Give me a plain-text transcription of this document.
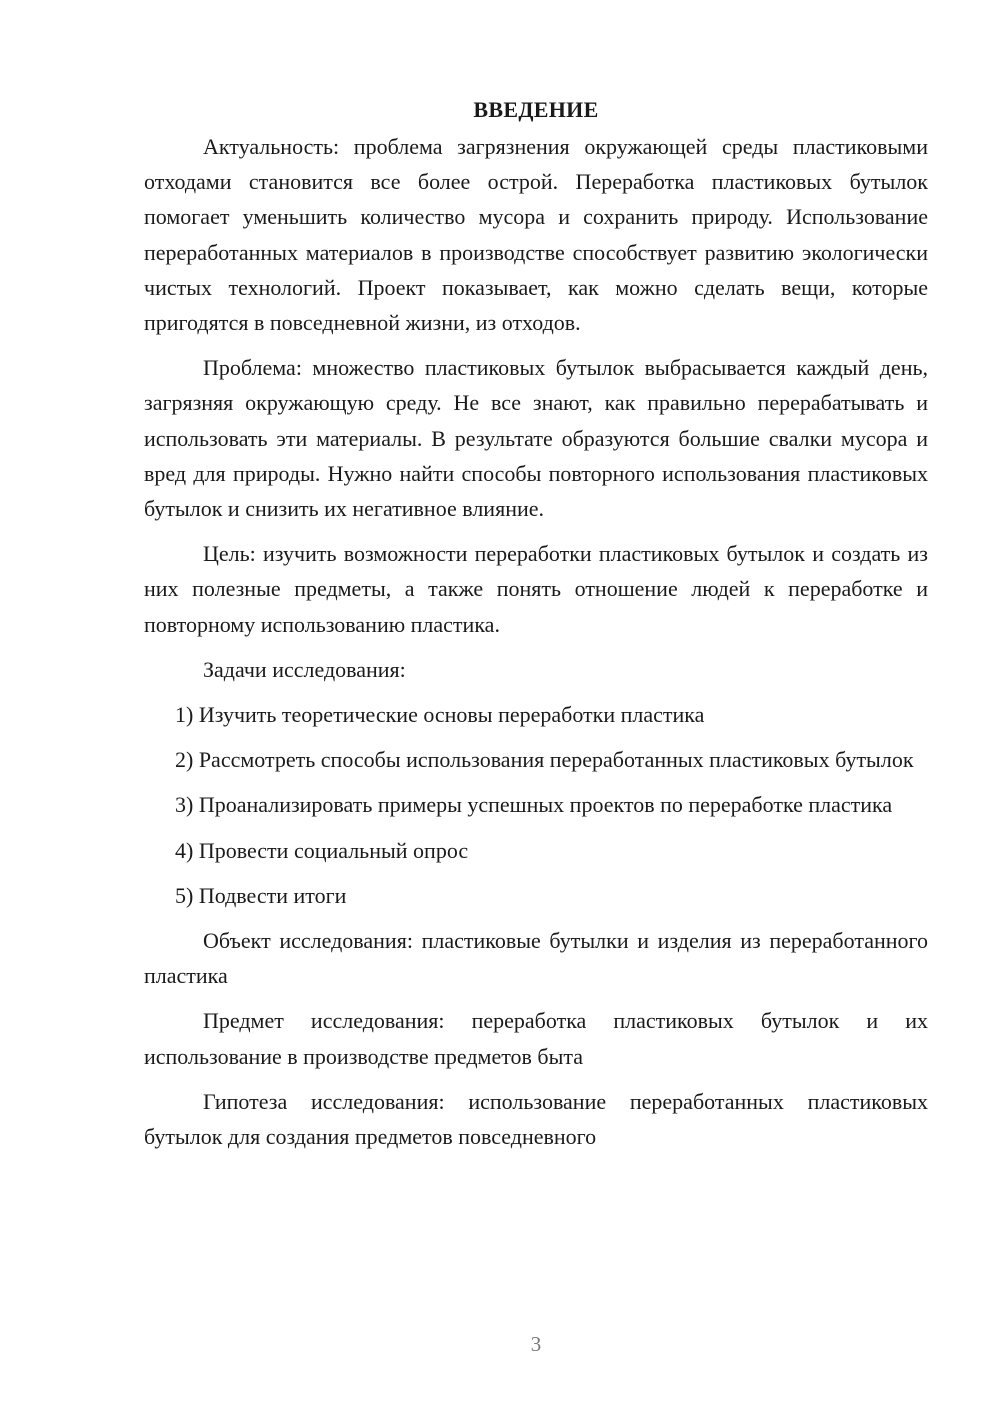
ВВЕДЕНИЕ

Актуальность: проблема загрязнения окружающей среды пластиковыми отходами становится все более острой. Переработка пластиковых бутылок помогает уменьшить количество мусора и сохранить природу. Использование переработанных материалов в производстве способствует развитию экологически чистых технологий. Проект показывает, как можно сделать вещи, которые пригодятся в повседневной жизни, из отходов.

Проблема: множество пластиковых бутылок выбрасывается каждый день, загрязняя окружающую среду. Не все знают, как правильно перерабатывать и использовать эти материалы. В результате образуются большие свалки мусора и вред для природы. Нужно найти способы повторного использования пластиковых бутылок и снизить их негативное влияние.

Цель: изучить возможности переработки пластиковых бутылок и создать из них полезные предметы, а также понять отношение людей к переработке и повторному использованию пластика.

Задачи исследования:

1) Изучить теоретические основы переработки пластика

2) Рассмотреть способы использования переработанных пластиковых бутылок

3) Проанализировать примеры успешных проектов по переработке пластика

4) Провести социальный опрос

5) Подвести итоги

Объект исследования: пластиковые бутылки и изделия из переработанного пластика

Предмет исследования: переработка пластиковых бутылок и их использование в производстве предметов быта

Гипотеза исследования: использование переработанных пластиковых бутылок для создания предметов повседневного

3
